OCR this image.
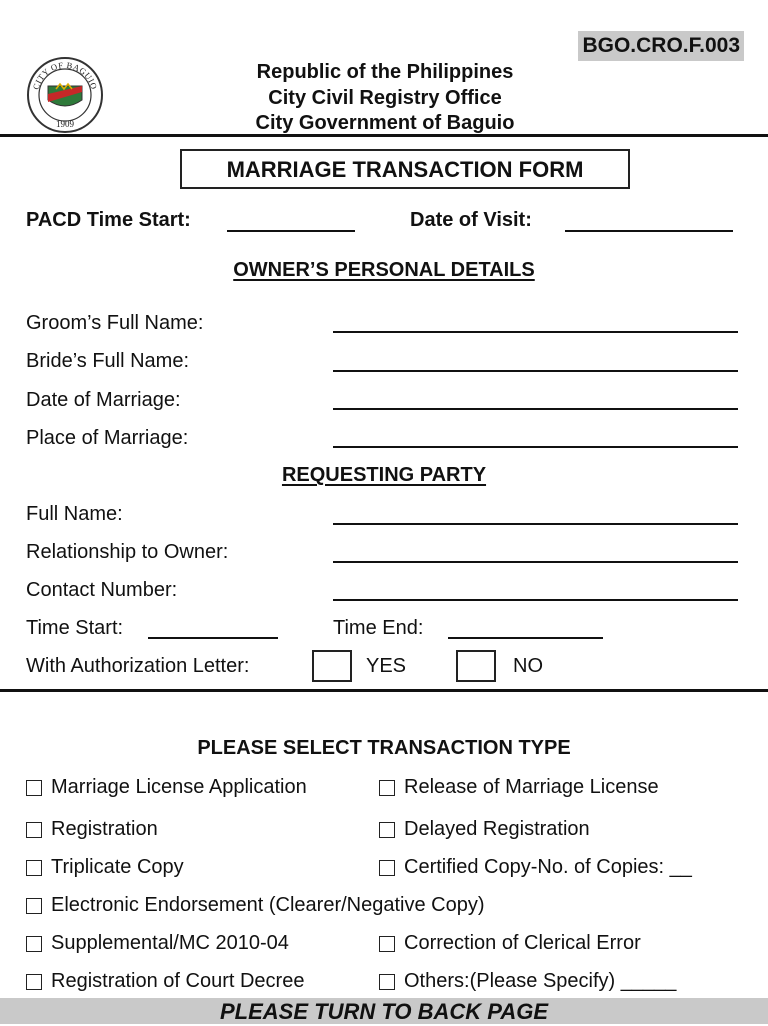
BGO.CRO.F.003
CITY OF BAGUIO
1909
Republic of the Philippines
City Civil Registry Office
City Government of Baguio
MARRIAGE TRANSACTION FORM
PACD Time Start:	Date of Visit:
OWNER’S PERSONAL DETAILS
Groom’s Full Name:
Bride’s Full Name:
Date of Marriage:
Place of Marriage:
REQUESTING PARTY
Full Name:
Relationship to Owner:
Contact Number:
Time Start:	Time End:
With Authorization Letter:	YES	NO
PLEASE SELECT TRANSACTION TYPE
Marriage License Application	Release of Marriage License
Registration	Delayed Registration
Triplicate Copy	Certified Copy-No. of Copies: __
Electronic Endorsement (Clearer/Negative Copy)
Supplemental/MC 2010-04	Correction of Clerical Error
Registration of Court Decree	Others:(Please Specify) _____
PLEASE TURN TO BACK PAGE
